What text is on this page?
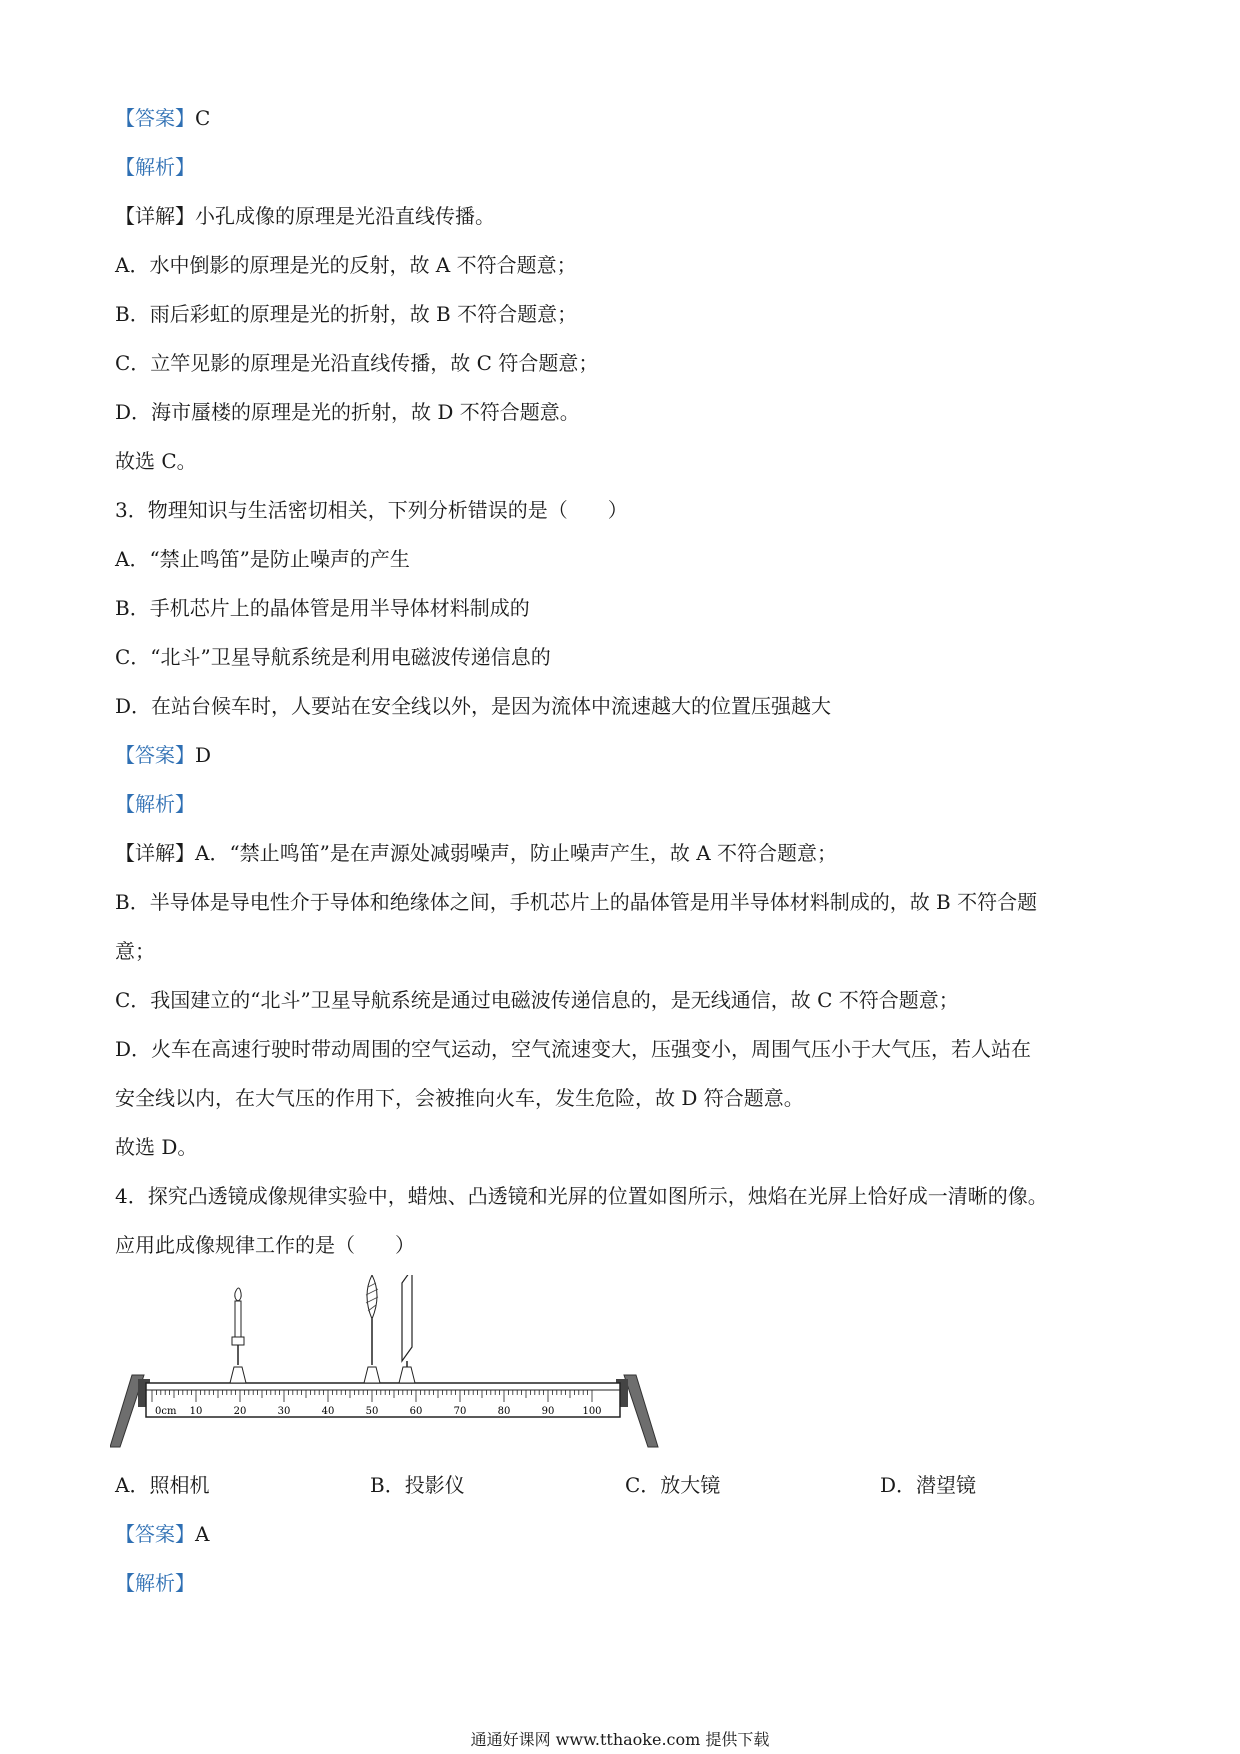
【答案】C
【解析】
【详解】小孔成像的原理是光沿直线传播。
A．水中倒影的原理是光的反射，故 A 不符合题意；
B．雨后彩虹的原理是光的折射，故 B 不符合题意；
C．立竿见影的原理是光沿直线传播，故 C 符合题意；
D．海市蜃楼的原理是光的折射，故 D 不符合题意。
故选 C。
3．物理知识与生活密切相关，下列分析错误的是（　　）
A．“禁止鸣笛”是防止噪声的产生
B．手机芯片上的晶体管是用半导体材料制成的
C．“北斗”卫星导航系统是利用电磁波传递信息的
D．在站台候车时，人要站在安全线以外，是因为流体中流速越大的位置压强越大
【答案】D
【解析】
【详解】A．“禁止鸣笛”是在声源处减弱噪声，防止噪声产生，故 A 不符合题意；
B．半导体是导电性介于导体和绝缘体之间，手机芯片上的晶体管是用半导体材料制成的，故 B 不符合题
意；
C．我国建立的“北斗”卫星导航系统是通过电磁波传递信息的，是无线通信，故 C 不符合题意；
D．火车在高速行驶时带动周围的空气运动，空气流速变大，压强变小，周围气压小于大气压，若人站在
安全线以内，在大气压的作用下，会被推向火车，发生危险，故 D 符合题意。
故选 D。
4．探究凸透镜成像规律实验中，蜡烛、凸透镜和光屏的位置如图所示，烛焰在光屏上恰好成一清晰的像。
应用此成像规律工作的是（　　）
0cm 10	20	30	40	50	60	70	80	90	100
A．照相机	B．投影仪	C．放大镜	D．潜望镜
【答案】A
【解析】
通通好课网 www.tthaoke.com 提供下载
